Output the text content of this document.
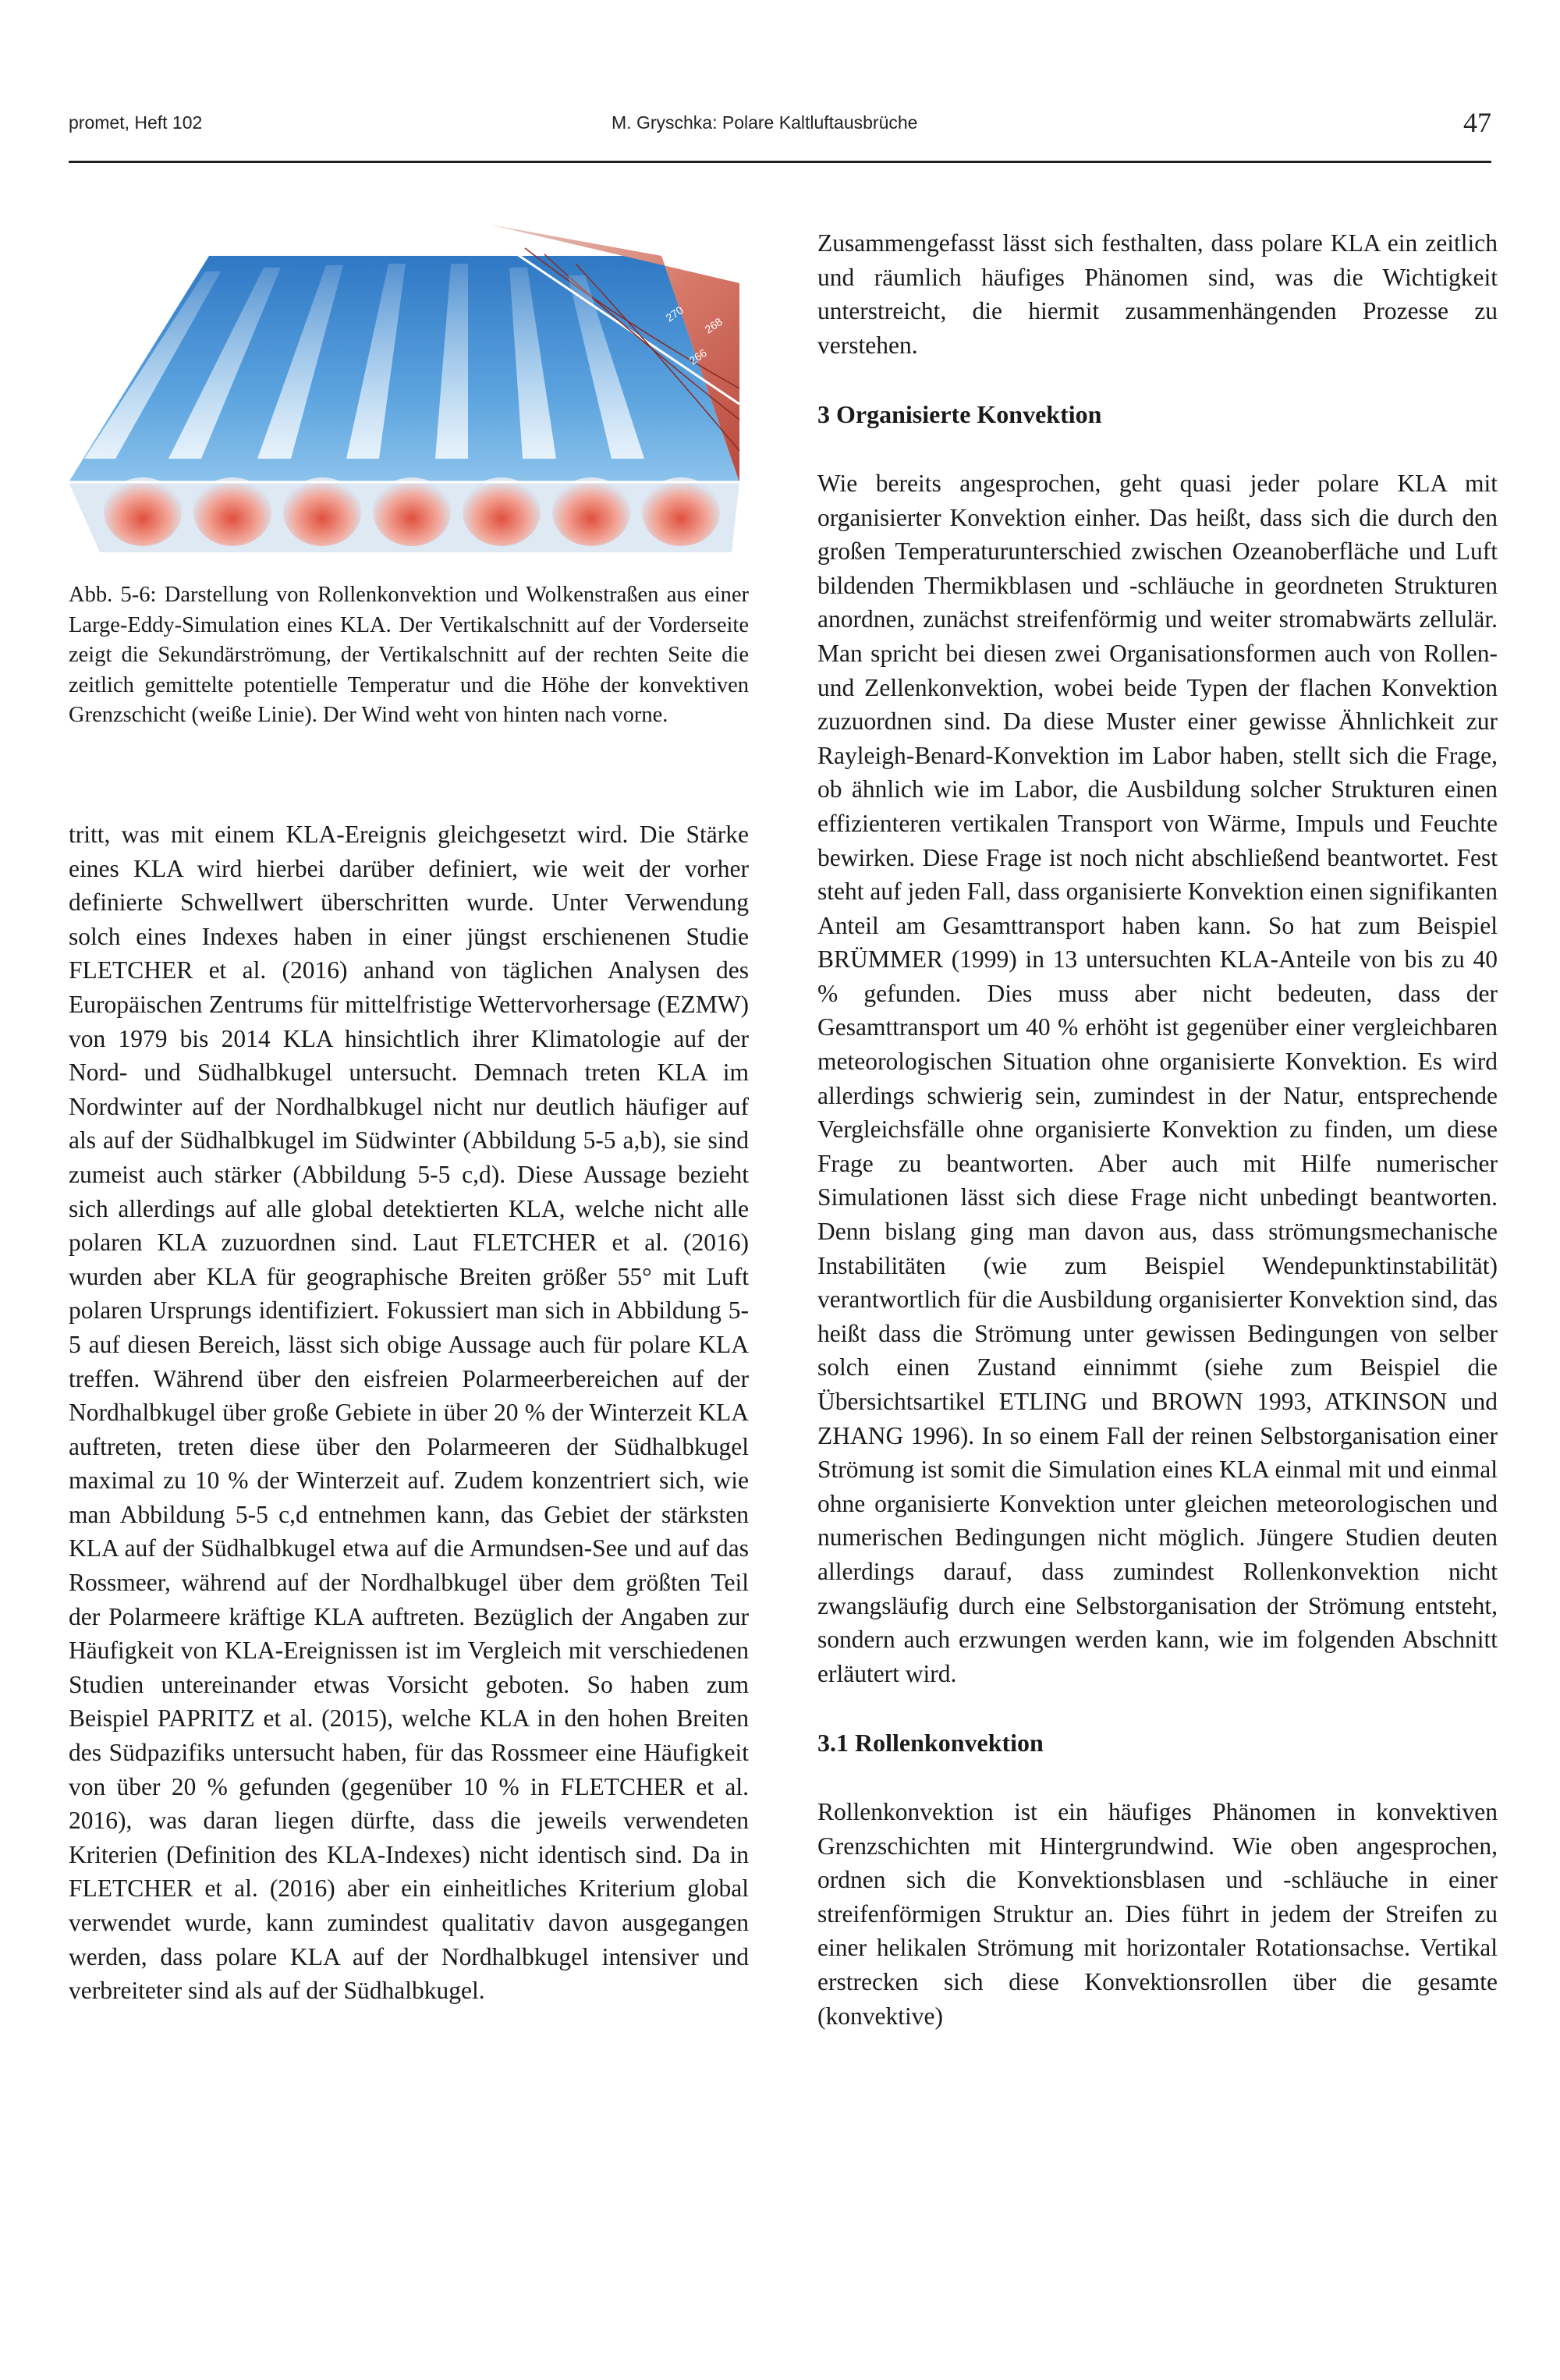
promet, Heft 102	M. Gryschka: Polare Kaltluftausbrüche	47
270
266
268
Abb. 5-6: Darstellung von Rollenkonvektion und Wolkenstraßen aus einer Large-Eddy-Simulation eines KLA. Der Vertikalschnitt auf der Vorderseite zeigt die Sekundärströmung, der Vertikalschnitt auf der rechten Seite die zeitlich gemittelte potentielle Temperatur und die Höhe der konvektiven Grenzschicht (weiße Linie). Der Wind weht von hinten nach vorne.

tritt, was mit einem KLA-Ereignis gleichgesetzt wird. Die Stärke eines KLA wird hierbei darüber definiert, wie weit der vorher definierte Schwellwert überschritten wurde. Unter Verwendung solch eines Indexes haben in einer jüngst erschienenen Studie FLETCHER et al. (2016) anhand von täglichen Analysen des Europäischen Zentrums für mittelfristige Wettervorhersage (EZMW) von 1979 bis 2014 KLA hinsichtlich ihrer Klimatologie auf der Nord- und Südhalbkugel untersucht. Demnach treten KLA im Nordwinter auf der Nordhalbkugel nicht nur deutlich häufiger auf als auf der Südhalbkugel im Südwinter (Abbildung 5-5 a,b), sie sind zumeist auch stärker (Abbildung 5-5 c,d). Diese Aussage bezieht sich allerdings auf alle global detektierten KLA, welche nicht alle polaren KLA zuzuordnen sind. Laut FLETCHER et al. (2016) wurden aber KLA für geographische Breiten größer 55° mit Luft polaren Ursprungs identifiziert. Fokussiert man sich in Abbildung 5-5 auf diesen Bereich, lässt sich obige Aussage auch für polare KLA treffen. Während über den eisfreien Polarmeerbereichen auf der Nordhalbkugel über große Gebiete in über 20 % der Winterzeit KLA auftreten, treten diese über den Polarmeeren der Südhalbkugel maximal zu 10 % der Winterzeit auf. Zudem konzentriert sich, wie man Abbildung 5-5 c,d entnehmen kann, das Gebiet der stärksten KLA auf der Südhalbkugel etwa auf die Armundsen-See und auf das Rossmeer, während auf der Nordhalbkugel über dem größten Teil der Polarmeere kräftige KLA auftreten. Bezüglich der Angaben zur Häufigkeit von KLA-Ereignissen ist im Vergleich mit verschiedenen Studien untereinander etwas Vorsicht geboten. So haben zum Beispiel PAPRITZ et al. (2015), welche KLA in den hohen Breiten des Südpazifiks untersucht haben, für das Rossmeer eine Häufigkeit von über 20 % gefunden (gegenüber 10 % in FLETCHER et al. 2016), was daran liegen dürfte, dass die jeweils verwendeten Kriterien (Definition des KLA-Indexes) nicht identisch sind. Da in FLETCHER et al. (2016) aber ein einheitliches Kriterium global verwendet wurde, kann zumindest qualitativ davon ausgegangen werden, dass polare KLA auf der Nordhalbkugel intensiver und verbreiteter sind als auf der Südhalbkugel.

Zusammengefasst lässt sich festhalten, dass polare KLA ein zeitlich und räumlich häufiges Phänomen sind, was die Wichtigkeit unterstreicht, die hiermit zusammenhängenden Prozesse zu verstehen.

3 Organisierte Konvektion

Wie bereits angesprochen, geht quasi jeder polare KLA mit organisierter Konvektion einher. Das heißt, dass sich die durch den großen Temperaturunterschied zwischen Ozeanoberfläche und Luft bildenden Thermikblasen und -schläuche in geordneten Strukturen anordnen, zunächst streifenförmig und weiter stromabwärts zellulär. Man spricht bei diesen zwei Organisationsformen auch von Rollen- und Zellenkonvektion, wobei beide Typen der flachen Konvektion zuzuordnen sind. Da diese Muster einer gewisse Ähnlichkeit zur Rayleigh-Benard-Konvektion im Labor haben, stellt sich die Frage, ob ähnlich wie im Labor, die Ausbildung solcher Strukturen einen effizienteren vertikalen Transport von Wärme, Impuls und Feuchte bewirken. Diese Frage ist noch nicht abschließend beantwortet. Fest steht auf jeden Fall, dass organisierte Konvektion einen signifikanten Anteil am Gesamttransport haben kann. So hat zum Beispiel BRÜMMER (1999) in 13 untersuchten KLA-Anteile von bis zu 40 % gefunden. Dies muss aber nicht bedeuten, dass der Gesamttransport um 40 % erhöht ist gegenüber einer vergleichbaren meteorologischen Situation ohne organisierte Konvektion. Es wird allerdings schwierig sein, zumindest in der Natur, entsprechende Vergleichsfälle ohne organisierte Konvektion zu finden, um diese Frage zu beantworten. Aber auch mit Hilfe numerischer Simulationen lässt sich diese Frage nicht unbedingt beantworten. Denn bislang ging man davon aus, dass strömungsmechanische Instabilitäten (wie zum Beispiel Wendepunktinstabilität) verantwortlich für die Ausbildung organisierter Konvektion sind, das heißt dass die Strömung unter gewissen Bedingungen von selber solch einen Zustand einnimmt (siehe zum Beispiel die Übersichtsartikel ETLING und BROWN 1993, ATKINSON und ZHANG 1996). In so einem Fall der reinen Selbstorganisation einer Strömung ist somit die Simulation eines KLA einmal mit und einmal ohne organisierte Konvektion unter gleichen meteorologischen und numerischen Bedingungen nicht möglich. Jüngere Studien deuten allerdings darauf, dass zumindest Rollenkonvektion nicht zwangsläufig durch eine Selbstorganisation der Strömung entsteht, sondern auch erzwungen werden kann, wie im folgenden Abschnitt erläutert wird.

3.1 Rollenkonvektion

Rollenkonvektion ist ein häufiges Phänomen in konvektiven Grenzschichten mit Hintergrundwind. Wie oben angesprochen, ordnen sich die Konvektionsblasen und -schläuche in einer streifenförmigen Struktur an. Dies führt in jedem der Streifen zu einer helikalen Strömung mit horizontaler Rotationsachse. Vertikal erstrecken sich diese Konvektionsrollen über die gesamte (konvektive)
